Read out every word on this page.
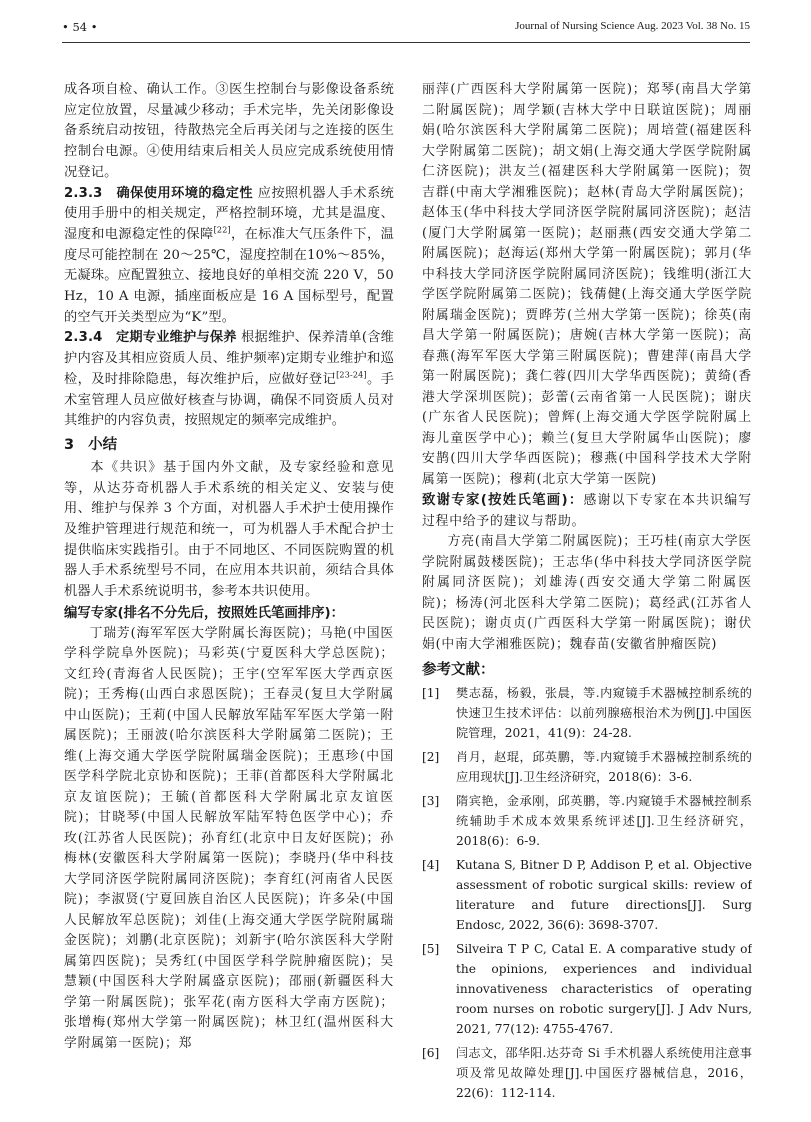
• 54 •	Journal of Nursing Science Aug. 2023 Vol. 38 No. 15

成各项自检、确认工作。③医生控制台与影像设备系统应定位放置，尽量减少移动；手术完毕，先关闭影像设备系统启动按钮，待散热完全后再关闭与之连接的医生控制台电源。④使用结束后相关人员应完成系统使用情况登记。

2.3.3　确保使用环境的稳定性 应按照机器人手术系统使用手册中的相关规定，严格控制环境，尤其是温度、湿度和电源稳定性的保障[22]，在标准大气压条件下，温度尽可能控制在 20～25℃，湿度控制在10%～85%，无凝珠。应配置独立、接地良好的单相交流 220 V，50 Hz，10 A 电源，插座面板应是 16 A 国标型号，配置的空气开关类型应为“K”型。

2.3.4　定期专业维护与保养 根据维护、保养清单(含维护内容及其相应资质人员、维护频率)定期专业维护和巡检，及时排除隐患，每次维护后，应做好登记[23-24]。手术室管理人员应做好核查与协调，确保不同资质人员对其维护的内容负责，按照规定的频率完成维护。

3 小结

本《共识》基于国内外文献，及专家经验和意见等，从达芬奇机器人手术系统的相关定义、安装与使用、维护与保养 3 个方面，对机器人手术护士使用操作及维护管理进行规范和统一，可为机器人手术配合护士提供临床实践指引。由于不同地区、不同医院购置的机器人手术系统型号不同，在应用本共识前，须结合具体机器人手术系统说明书，参考本共识使用。

编写专家(排名不分先后，按照姓氏笔画排序)：

丁瑞芳(海军军医大学附属长海医院)；马艳(中国医学科学院阜外医院)；马彩英(宁夏医科大学总医院)；文红玲(青海省人民医院)；王宇(空军军医大学西京医院)；王秀梅(山西白求恩医院)；王春灵(复旦大学附属中山医院)；王莉(中国人民解放军陆军军医大学第一附属医院)；王丽波(哈尔滨医科大学附属第二医院)；王维(上海交通大学医学院附属瑞金医院)；王惠珍(中国医学科学院北京协和医院)；王菲(首都医科大学附属北京友谊医院)；王毓(首都医科大学附属北京友谊医院)；甘晓琴(中国人民解放军陆军特色医学中心)；乔玫(江苏省人民医院)；孙育红(北京中日友好医院)；孙梅林(安徽医科大学附属第一医院)；李晓丹(华中科技大学同济医学院附属同济医院)；李育红(河南省人民医院)；李淑贤(宁夏回族自治区人民医院)；许多朵(中国人民解放军总医院)；刘佳(上海交通大学医学院附属瑞金医院)；刘鹏(北京医院)；刘新宇(哈尔滨医科大学附属第四医院)；吴秀红(中国医学科学院肿瘤医院)；吴慧颖(中国医科大学附属盛京医院)；邵丽(新疆医科大学第一附属医院)；张军花(南方医科大学南方医院)；张增梅(郑州大学第一附属医院)；林卫红(温州医科大学附属第一医院)；郑

丽萍(广西医科大学附属第一医院)；郑琴(南昌大学第二附属医院)；周学颖(吉林大学中日联谊医院)；周丽娟(哈尔滨医科大学附属第二医院)；周培萱(福建医科大学附属第二医院)；胡文娟(上海交通大学医学院附属仁济医院)；洪友兰(福建医科大学附属第一医院)；贺吉群(中南大学湘雅医院)；赵林(青岛大学附属医院)；赵体玉(华中科技大学同济医学院附属同济医院)；赵洁(厦门大学附属第一医院)；赵丽燕(西安交通大学第二附属医院)；赵海运(郑州大学第一附属医院)；郭月(华中科技大学同济医学院附属同济医院)；钱维明(浙江大学医学院附属第二医院)；钱蒨健(上海交通大学医学院附属瑞金医院)；贾晔芳(兰州大学第一医院)；徐英(南昌大学第一附属医院)；唐婉(吉林大学第一医院)；高春燕(海军军医大学第三附属医院)；曹建萍(南昌大学第一附属医院)；龚仁蓉(四川大学华西医院)；黄绮(香港大学深圳医院)；彭蕾(云南省第一人民医院)；谢庆(广东省人民医院)；曾辉(上海交通大学医学院附属上海儿童医学中心)；赖兰(复旦大学附属华山医院)；廖安鹊(四川大学华西医院)；穆燕(中国科学技术大学附属第一医院)；穆莉(北京大学第一医院)

致谢专家(按姓氏笔画)：感谢以下专家在本共识编写过程中给予的建议与帮助。

方亮(南昌大学第二附属医院)；王巧桂(南京大学医学院附属鼓楼医院)；王志华(华中科技大学同济医学院附属同济医院)；刘雄涛(西安交通大学第二附属医院)；杨涛(河北医科大学第二医院)；葛经武(江苏省人民医院)；谢贞贞(广西医科大学第一附属医院)；谢伏娟(中南大学湘雅医院)；魏春苗(安徽省肿瘤医院)

参考文献：

[1] 樊志磊，杨毅，张晨，等.内窥镜手术器械控制系统的快速卫生技术评估：以前列腺癌根治术为例[J].中国医院管理，2021，41(9)：24-28.

[2] 肖月，赵琨，邱英鹏，等.内窥镜手术器械控制系统的应用现状[J].卫生经济研究，2018(6)：3-6.

[3] 隋宾艳，金承刚，邱英鹏，等.内窥镜手术器械控制系统辅助手术成本效果系统评述[J].卫生经济研究，2018(6)：6-9.

[4] Kutana S, Bitner D P, Addison P, et al. Objective assessment of robotic surgical skills: review of literature and future directions[J]. Surg Endosc, 2022, 36(6): 3698-3707.

[5] Silveira T P C, Catal E. A comparative study of the opinions, experiences and individual innovativeness characteristics of operating room nurses on robotic surgery[J]. J Adv Nurs, 2021, 77(12): 4755-4767.

[6] 闫志文，邵华阳.达芬奇 Si 手术机器人系统使用注意事项及常见故障处理[J].中国医疗器械信息，2016，22(6)：112-114.
